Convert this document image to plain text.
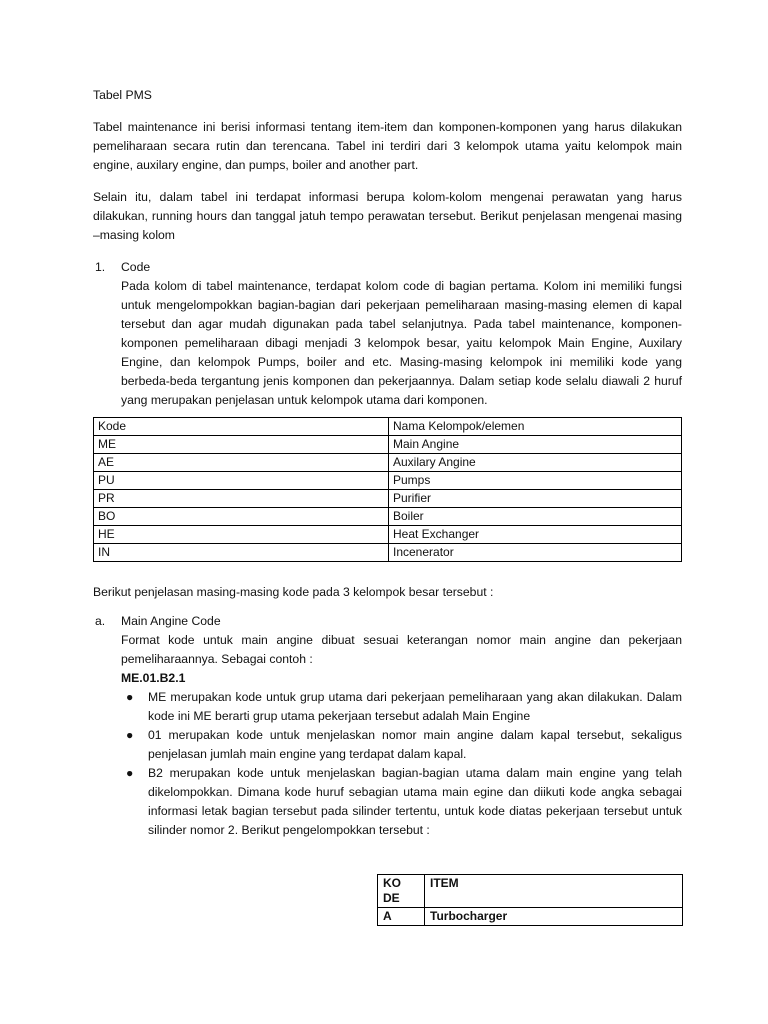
Tabel PMS
Tabel maintenance ini berisi informasi tentang item-item dan komponen-komponen yang harus dilakukan pemeliharaan secara rutin dan terencana. Tabel ini terdiri dari 3 kelompok utama yaitu kelompok main engine, auxilary engine, dan pumps, boiler and another part.
Selain itu, dalam tabel ini terdapat informasi berupa kolom-kolom mengenai perawatan yang harus dilakukan, running hours dan tanggal jatuh tempo perawatan tersebut. Berikut penjelasan mengenai masing –masing kolom
1. Code
Pada kolom di tabel maintenance, terdapat kolom code di bagian pertama. Kolom ini memiliki fungsi untuk mengelompokkan bagian-bagian dari pekerjaan pemeliharaan masing-masing elemen di kapal tersebut dan agar mudah digunakan pada tabel selanjutnya. Pada tabel maintenance, komponen-komponen pemeliharaan dibagi menjadi 3 kelompok besar, yaitu kelompok Main Engine, Auxilary Engine, dan kelompok Pumps, boiler and etc. Masing-masing kelompok ini memiliki kode yang berbeda-beda tergantung jenis komponen dan pekerjaannya. Dalam setiap kode selalu diawali 2 huruf yang merupakan penjelasan untuk kelompok utama dari komponen.
Kode	Nama Kelompok/elemen
ME	Main Angine
AE	Auxilary Angine
PU	Pumps
PR	Purifier
BO	Boiler
HE	Heat Exchanger
IN	Incenerator
Berikut penjelasan masing-masing kode pada 3 kelompok besar tersebut :
a. Main Angine Code
Format kode untuk main angine dibuat sesuai keterangan nomor main angine dan pekerjaan pemeliharaannya. Sebagai contoh :
ME.01.B2.1
● ME merupakan kode untuk grup utama dari pekerjaan pemeliharaan yang akan dilakukan. Dalam kode ini ME berarti grup utama pekerjaan tersebut adalah Main Engine
● 01 merupakan kode untuk menjelaskan nomor main angine dalam kapal tersebut, sekaligus penjelasan jumlah main engine yang terdapat dalam kapal.
● B2 merupakan kode untuk menjelaskan bagian-bagian utama dalam main engine yang telah dikelompokkan. Dimana kode huruf sebagian utama main egine dan diikuti kode angka sebagai informasi letak bagian tersebut pada silinder tertentu, untuk kode diatas pekerjaan tersebut untuk silinder nomor 2. Berikut pengelompokkan tersebut :
KODE	ITEM
A	Turbocharger
